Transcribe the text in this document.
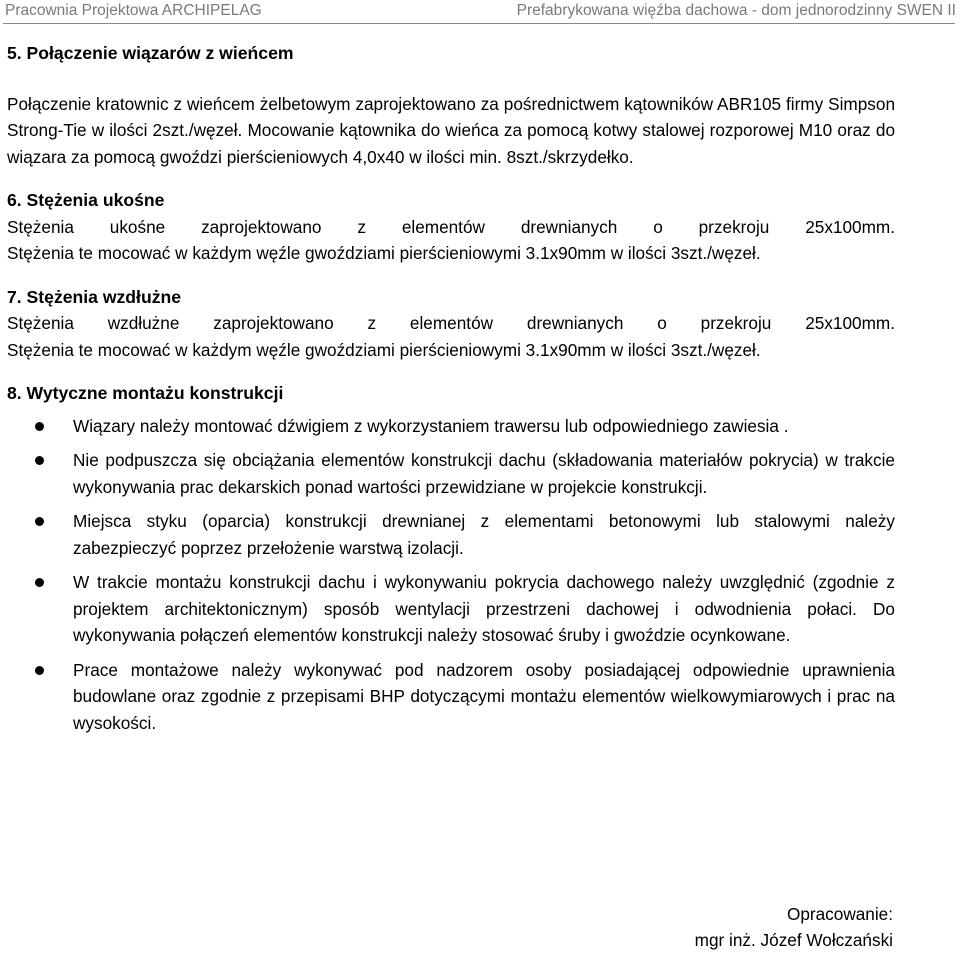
Pracownia Projektowa ARCHIPELAG	Prefabrykowana więźba dachowa - dom jednorodzinny SWEN II
5. Połączenie wiązarów z wieńcem

Połączenie kratownic z wieńcem żelbetowym zaprojektowano za pośrednictwem kątowników ABR105 firmy Simpson Strong-Tie w ilości 2szt./węzeł. Mocowanie kątownika do wieńca za pomocą kotwy stalowej rozporowej M10 oraz do wiązara za pomocą gwoździ pierścieniowych 4,0x40 w ilości min. 8szt./skrzydełko.

6. Stężenia ukośne

Stężenia ukośne zaprojektowano z elementów drewnianych o przekroju 25x100mm.

Stężenia te mocować w każdym węźle gwoździami pierścieniowymi 3.1x90mm w ilości 3szt./węzeł.

7. Stężenia wzdłużne

Stężenia wzdłużne zaprojektowano z elementów drewnianych o przekroju 25x100mm.

Stężenia te mocować w każdym węźle gwoździami pierścieniowymi 3.1x90mm w ilości 3szt./węzeł.

8. Wytyczne montażu konstrukcji
Wiązary należy montować dźwigiem z wykorzystaniem trawersu lub odpowiedniego zawiesia .
Nie podpuszcza się obciążania elementów konstrukcji dachu (składowania materiałów pokrycia) w trakcie wykonywania prac dekarskich ponad wartości przewidziane w projekcie konstrukcji.
Miejsca styku (oparcia) konstrukcji drewnianej z elementami betonowymi lub stalowymi należy zabezpieczyć poprzez przełożenie warstwą izolacji.
W trakcie montażu konstrukcji dachu i wykonywaniu pokrycia dachowego należy uwzględnić (zgodnie z projektem architektonicznym) sposób wentylacji przestrzeni dachowej i odwodnienia połaci. Do wykonywania połączeń elementów konstrukcji należy stosować śruby i gwoździe ocynkowane.
Prace montażowe należy wykonywać pod nadzorem osoby posiadającej odpowiednie uprawnienia budowlane oraz zgodnie z przepisami BHP dotyczącymi montażu elementów wielkowymiarowych i prac na wysokości.
Opracowanie:
mgr inż. Józef Wołczański
